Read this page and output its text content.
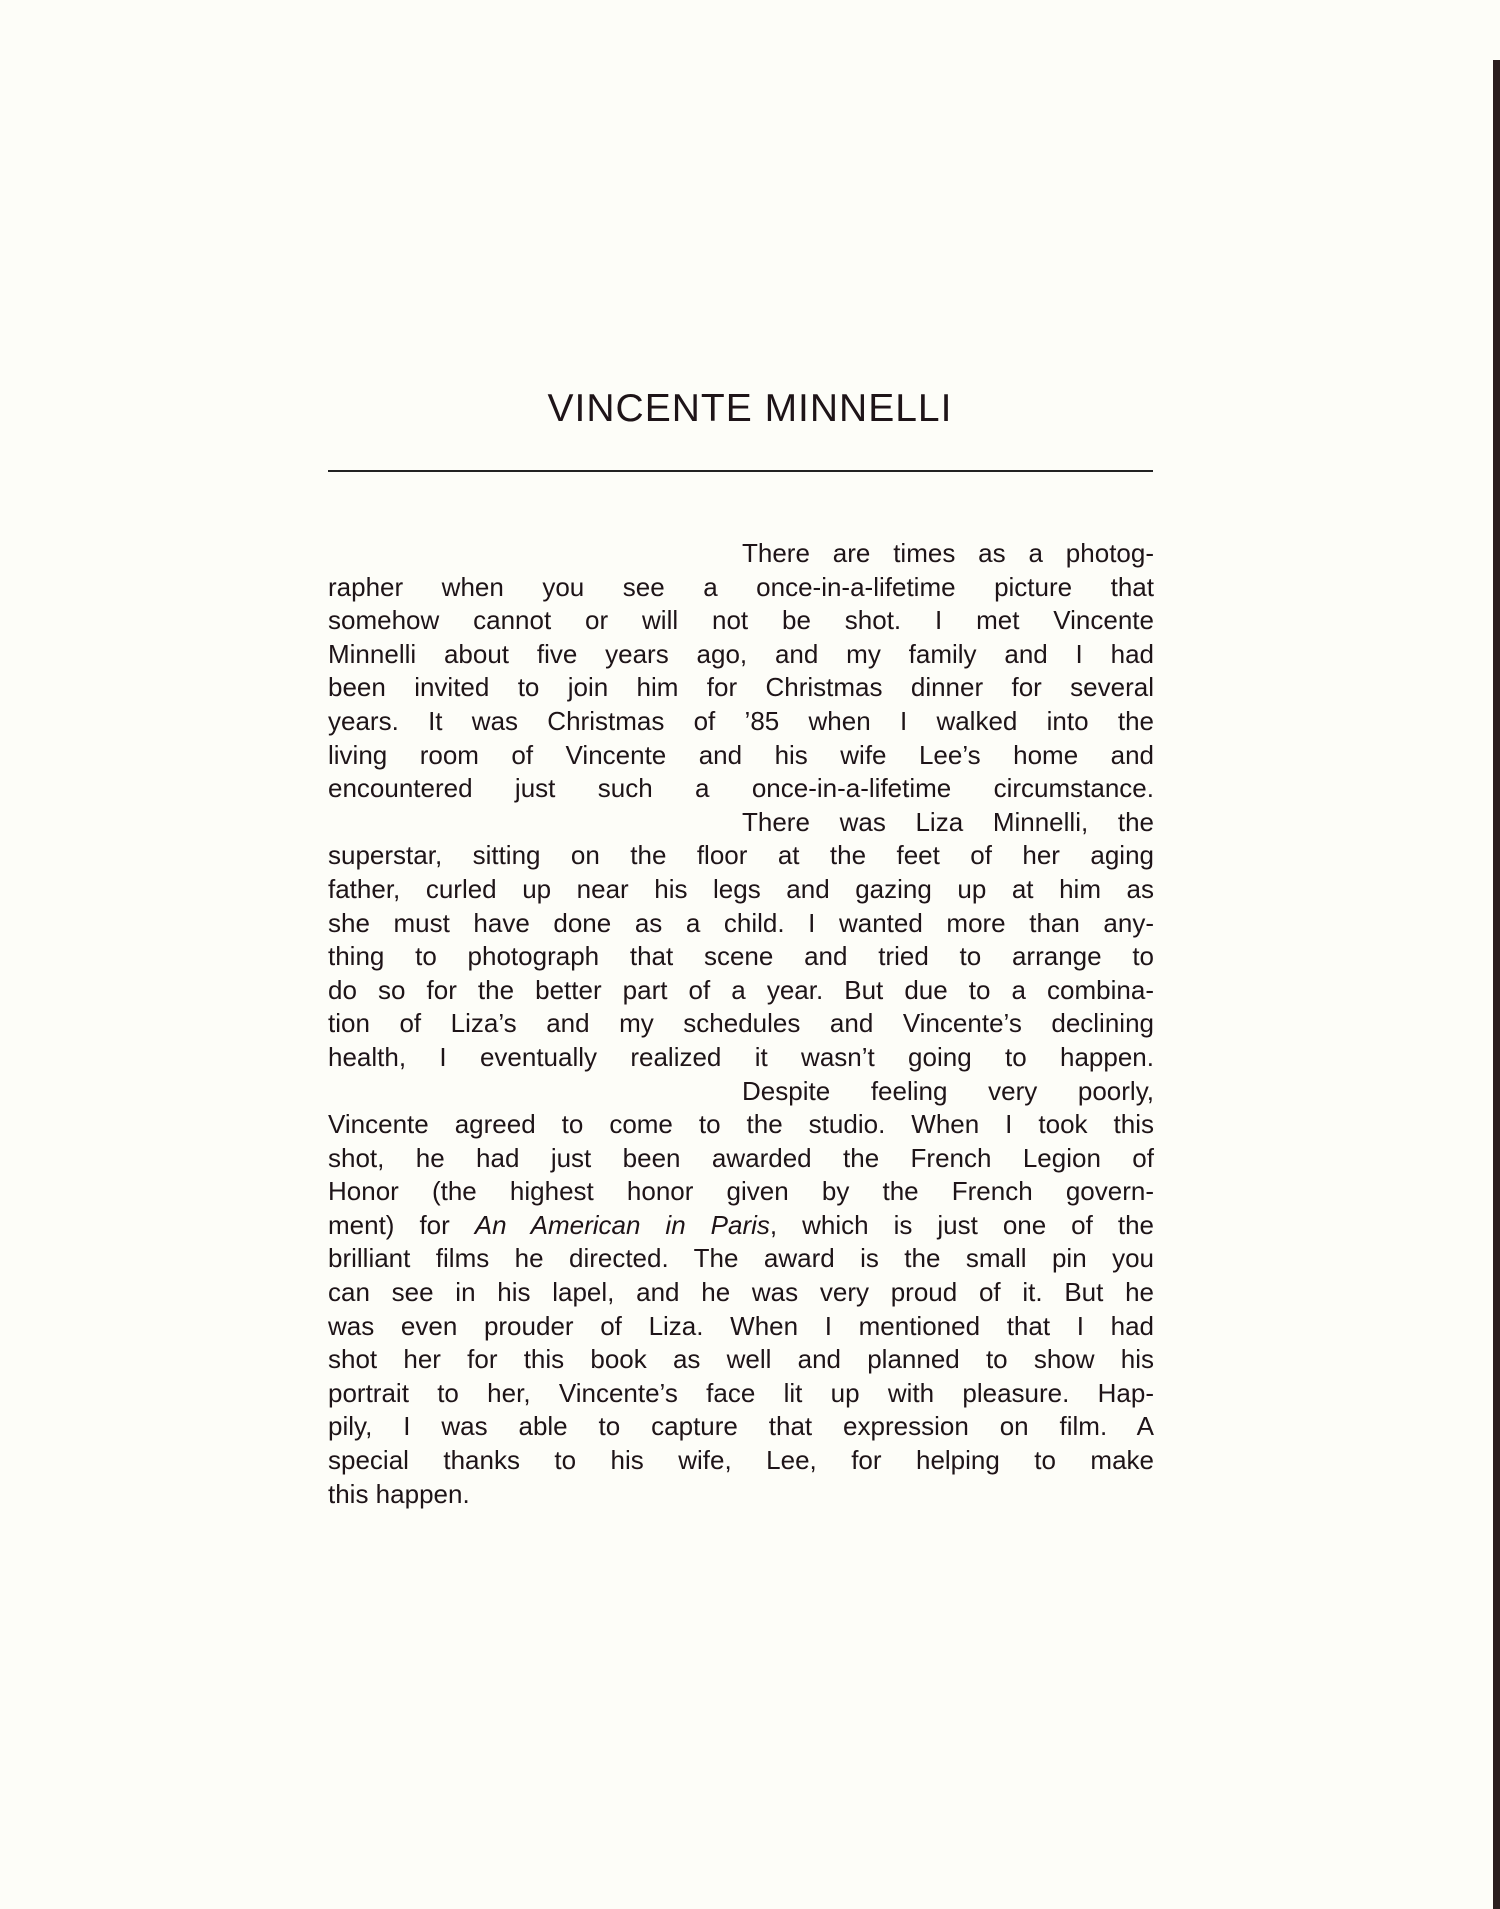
VINCENTE MINNELLI
There are times as a photog-
rapher when you see a once-in-a-lifetime picture that
somehow cannot or will not be shot. I met Vincente
Minnelli about five years ago, and my family and I had
been invited to join him for Christmas dinner for several
years. It was Christmas of ’85 when I walked into the
living room of Vincente and his wife Lee’s home and
encountered just such a once-in-a-lifetime circumstance.
There was Liza Minnelli, the
superstar, sitting on the floor at the feet of her aging
father, curled up near his legs and gazing up at him as
she must have done as a child. I wanted more than any-
thing to photograph that scene and tried to arrange to
do so for the better part of a year. But due to a combina-
tion of Liza’s and my schedules and Vincente’s declining
health, I eventually realized it wasn’t going to happen.
Despite feeling very poorly,
Vincente agreed to come to the studio. When I took this
shot, he had just been awarded the French Legion of
Honor (the highest honor given by the French govern-
ment) for An American in Paris, which is just one of the
brilliant films he directed. The award is the small pin you
can see in his lapel, and he was very proud of it. But he
was even prouder of Liza. When I mentioned that I had
shot her for this book as well and planned to show his
portrait to her, Vincente’s face lit up with pleasure. Hap-
pily, I was able to capture that expression on film. A
special thanks to his wife, Lee, for helping to make
this happen.
